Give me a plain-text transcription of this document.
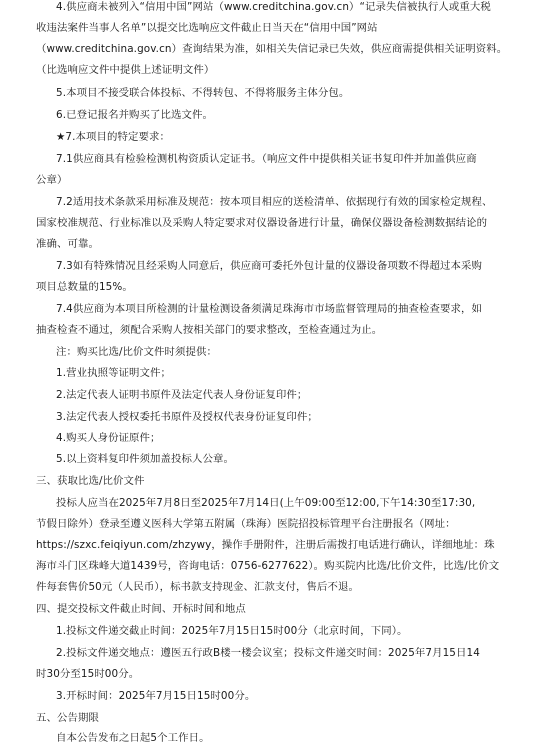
4.供应商未被列入“信用中国”网站（www.creditchina.gov.cn）“记录失信被执行人或重大税
收违法案件当事人名单”以提交比选响应文件截止日当天在“信用中国”网站
（www.creditchina.gov.cn）查询结果为准，如相关失信记录已失效，供应商需提供相关证明资料。
（比选响应文件中提供上述证明文件）
5.本项目不接受联合体投标、不得转包、不得将服务主体分包。
6.已登记报名并购买了比选文件。
★7.本项目的特定要求：
7.1供应商具有检验检测机构资质认定证书。（响应文件中提供相关证书复印件并加盖供应商
公章）
7.2适用技术条款采用标准及规范：按本项目相应的送检清单、依据现行有效的国家检定规程、
国家校准规范、行业标准以及采购人特定要求对仪器设备进行计量，确保仪器设备检测数据结论的
准确、可靠。
7.3如有特殊情况且经采购人同意后，供应商可委托外包计量的仪器设备项数不得超过本采购
项目总数量的15%。
7.4供应商为本项目所检测的计量检测设备须满足珠海市市场监督管理局的抽查检查要求，如
抽查检查不通过，须配合采购人按相关部门的要求整改，至检查通过为止。
注：购买比选/比价文件时须提供：
1.营业执照等证明文件；
2.法定代表人证明书原件及法定代表人身份证复印件；
3.法定代表人授权委托书原件及授权代表身份证复印件；
4.购买人身份证原件；
5.以上资料复印件须加盖投标人公章。
三、获取比选/比价文件
投标人应当在2025年7月8日至2025年7月14日(上午09:00至12:00,下午14:30至17:30,
节假日除外）登录至遵义医科大学第五附属（珠海）医院招投标管理平台注册报名（网址：
https://szxc.feiqiyun.com/zhzywy，操作手册附件，注册后需拨打电话进行确认，详细地址：珠
海市斗门区珠峰大道1439号，咨询电话：0756-6277622）。购买院内比选/比价文件，比选/比价文
件每套售价50元（人民币），标书款支持现金、汇款支付，售后不退。
四、提交投标文件截止时间、开标时间和地点
1.投标文件递交截止时间：2025年7月15日15时00分（北京时间，下同）。
2.投标文件递交地点：遵医五行政B楼一楼会议室；投标文件递交时间：2025年7月15日14
时30分至15时00分。
3.开标时间：2025年7月15日15时00分。
五、公告期限
自本公告发布之日起5个工作日。
